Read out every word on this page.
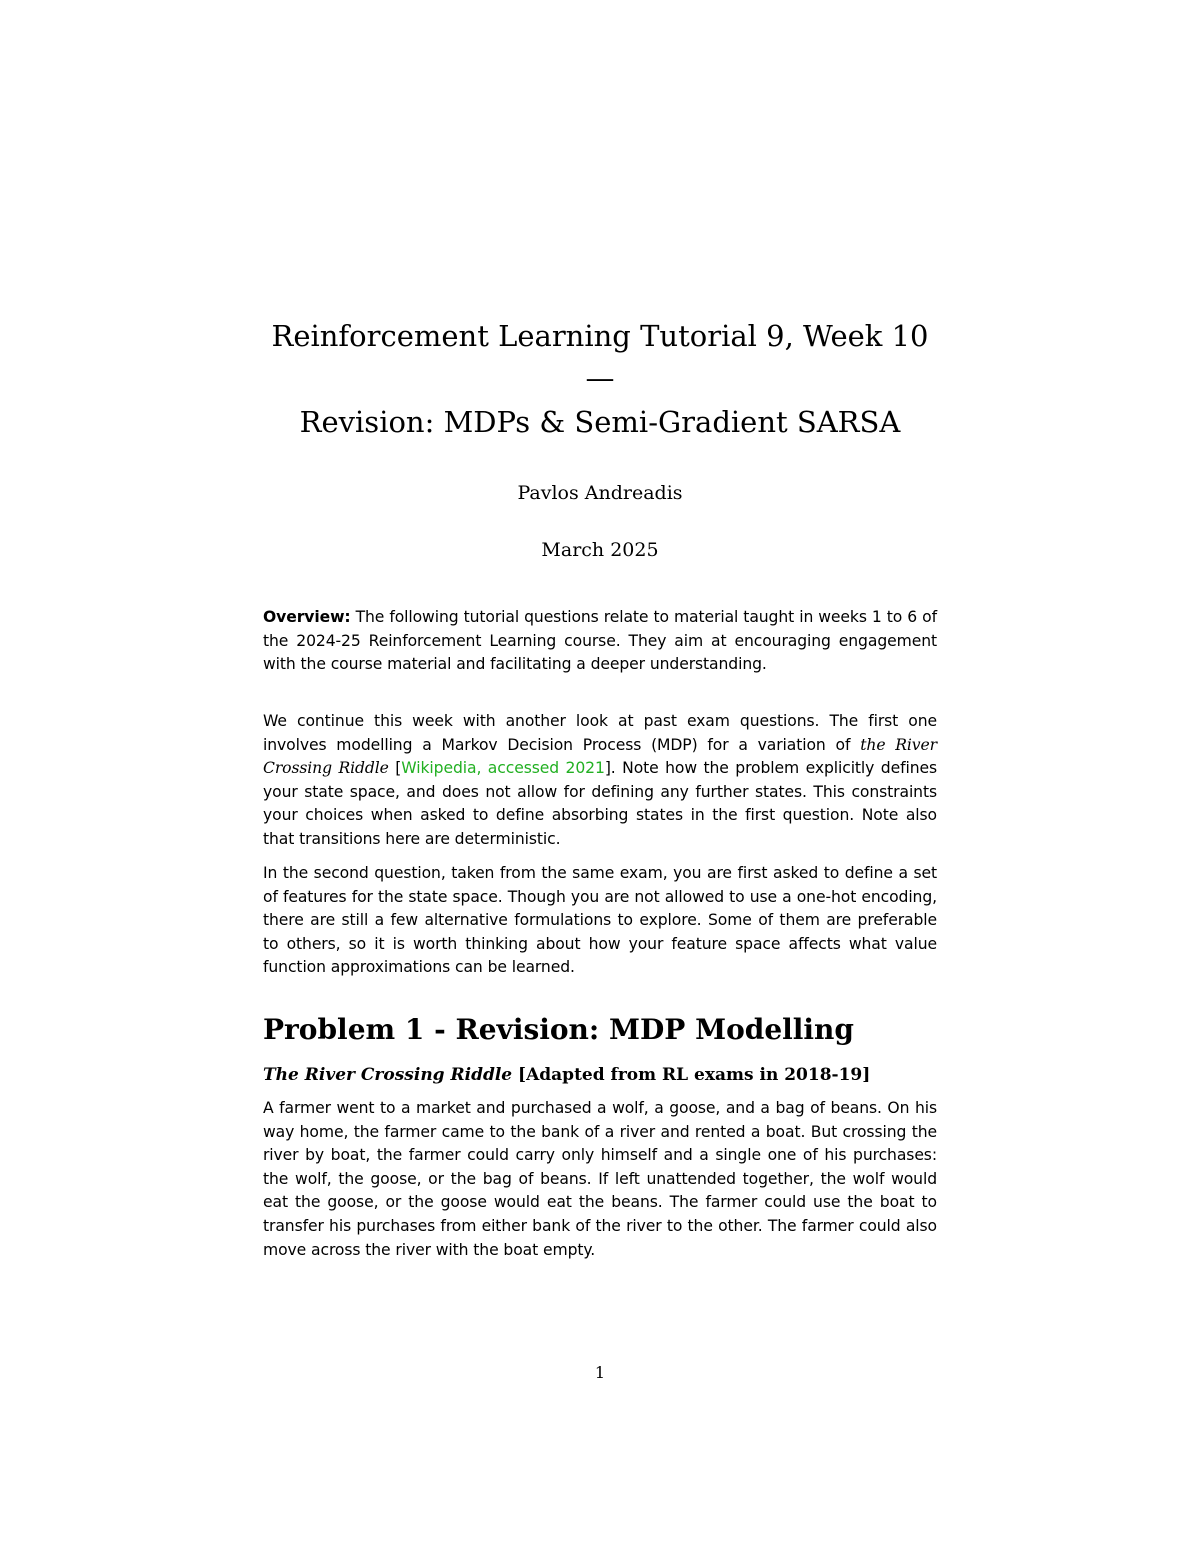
Reinforcement Learning Tutorial 9, Week 10

—

Revision: MDPs & Semi-Gradient SARSA

Pavlos Andreadis

March 2025

Overview: The following tutorial questions relate to material taught in weeks 1 to 6 of the 2024-25 Reinforcement Learning course. They aim at encouraging engagement with the course material and facilitating a deeper understanding.

We continue this week with another look at past exam questions. The first one involves modelling a Markov Decision Process (MDP) for a variation of the River Crossing Riddle [Wikipedia, accessed 2021]. Note how the problem explicitly defines your state space, and does not allow for defining any further states. This constraints your choices when asked to define absorbing states in the first question. Note also that transitions here are deterministic.

In the second question, taken from the same exam, you are first asked to define a set of features for the state space. Though you are not allowed to use a one-hot encoding, there are still a few alternative formulations to explore. Some of them are preferable to others, so it is worth thinking about how your feature space affects what value function approximations can be learned.

Problem 1 - Revision: MDP Modelling

The River Crossing Riddle [Adapted from RL exams in 2018-19]

A farmer went to a market and purchased a wolf, a goose, and a bag of beans. On his way home, the farmer came to the bank of a river and rented a boat. But crossing the river by boat, the farmer could carry only himself and a single one of his purchases: the wolf, the goose, or the bag of beans. If left unattended together, the wolf would eat the goose, or the goose would eat the beans. The farmer could use the boat to transfer his purchases from either bank of the river to the other. The farmer could also move across the river with the boat empty.

1
